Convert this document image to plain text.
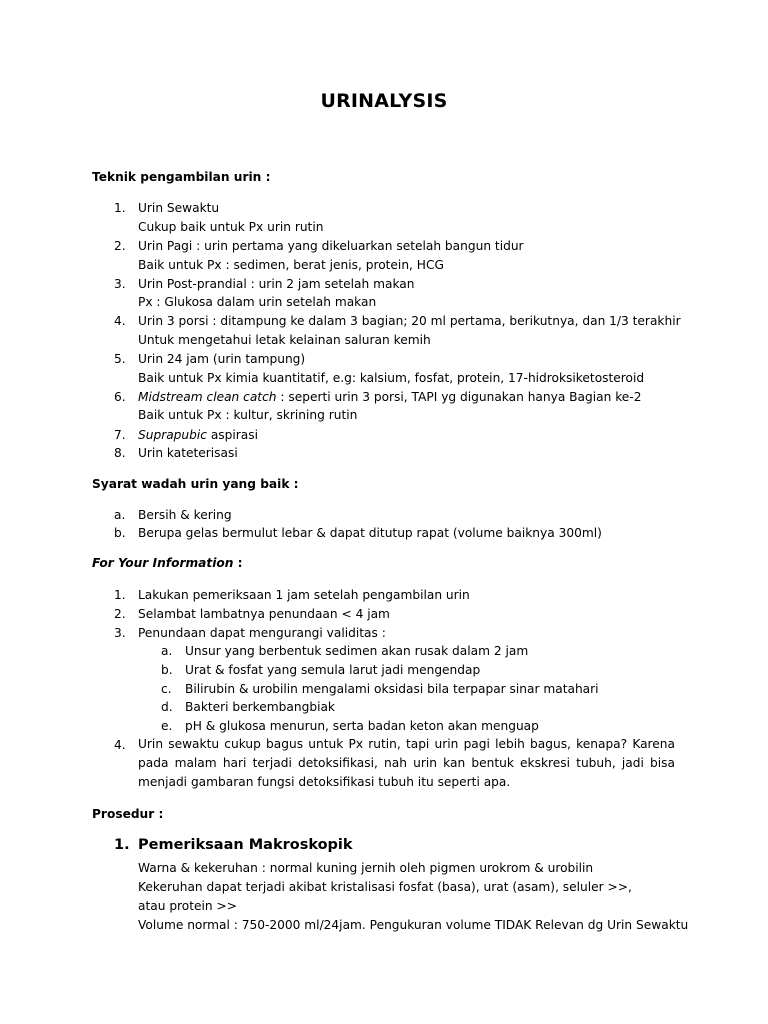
URINALYSIS
Teknik pengambilan urin :
1. Urin Sewaktu
Cukup baik untuk Px urin rutin
2. Urin Pagi : urin pertama yang dikeluarkan setelah bangun tidur
Baik untuk Px : sedimen, berat jenis, protein, HCG
3. Urin Post-prandial : urin 2 jam setelah makan
Px : Glukosa dalam urin setelah makan
4. Urin 3 porsi : ditampung ke dalam 3 bagian; 20 ml pertama, berikutnya, dan 1/3 terakhir
Untuk mengetahui letak kelainan saluran kemih
5. Urin 24 jam (urin tampung)
Baik untuk Px kimia kuantitatif, e.g: kalsium, fosfat, protein, 17-hidroksiketosteroid
6. Midstream clean catch : seperti urin 3 porsi, TAPI yg digunakan hanya Bagian ke-2
Baik untuk Px : kultur, skrining rutin
7. Suprapubic aspirasi
8. Urin kateterisasi
Syarat wadah urin yang baik :
a. Bersih & kering
b. Berupa gelas bermulut lebar & dapat ditutup rapat (volume baiknya 300ml)
For Your Information :
1. Lakukan pemeriksaan 1 jam setelah pengambilan urin
2. Selambat lambatnya penundaan < 4 jam
3. Penundaan dapat mengurangi validitas :
a. Unsur yang berbentuk sedimen akan rusak dalam 2 jam
b. Urat & fosfat yang semula larut jadi mengendap
c. Bilirubin & urobilin mengalami oksidasi bila terpapar sinar matahari
d. Bakteri berkembangbiak
e. pH & glukosa menurun, serta badan keton akan menguap
4. Urin sewaktu cukup bagus untuk Px rutin, tapi urin pagi lebih bagus, kenapa? Karena pada malam hari terjadi detoksifikasi, nah urin kan bentuk ekskresi tubuh, jadi bisa menjadi gambaran fungsi detoksifikasi tubuh itu seperti apa.
Prosedur :
1. Pemeriksaan Makroskopik
Warna & kekeruhan : normal kuning jernih oleh pigmen urokrom & urobilin
Kekeruhan dapat terjadi akibat kristalisasi fosfat (basa), urat (asam), seluler >>,
atau protein >>
Volume normal : 750-2000 ml/24jam. Pengukuran volume TIDAK Relevan dg Urin Sewaktu
